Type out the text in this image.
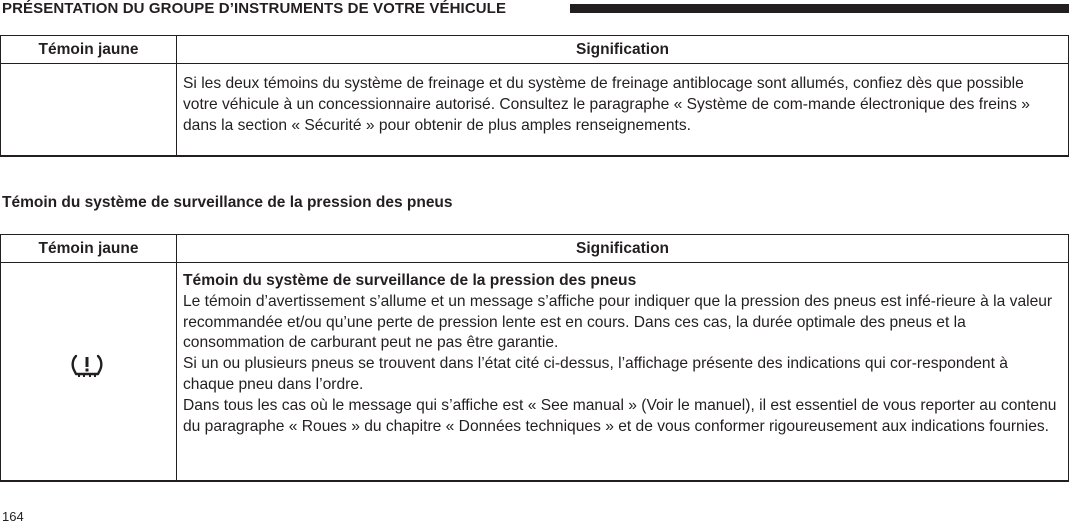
PRÉSENTATION DU GROUPE D’INSTRUMENTS DE VOTRE VÉHICULE
Témoin jaune	Signification

Si les deux témoins du système de freinage et du système de freinage antiblocage sont allumés, confiez dès que possible votre véhicule à un concessionnaire autorisé. Consultez le paragraphe « Système de com-mande électronique des freins » dans la section « Sécurité » pour obtenir de plus amples renseignements.

Témoin du système de surveillance de la pression des pneus
Témoin jaune	Signification

Témoin du système de surveillance de la pression des pneus

Le témoin d’avertissement s’allume et un message s’affiche pour indiquer que la pression des pneus est infé-rieure à la valeur recommandée et/ou qu’une perte de pression lente est en cours. Dans ces cas, la durée optimale des pneus et la consommation de carburant peut ne pas être garantie.

Si un ou plusieurs pneus se trouvent dans l’état cité ci-dessus, l’affichage présente des indications qui cor-respondent à chaque pneu dans l’ordre.

Dans tous les cas où le message qui s’affiche est « See manual » (Voir le manuel), il est essentiel de vous reporter au contenu du paragraphe « Roues » du chapitre « Données techniques » et de vous conformer rigoureusement aux indications fournies.

164
